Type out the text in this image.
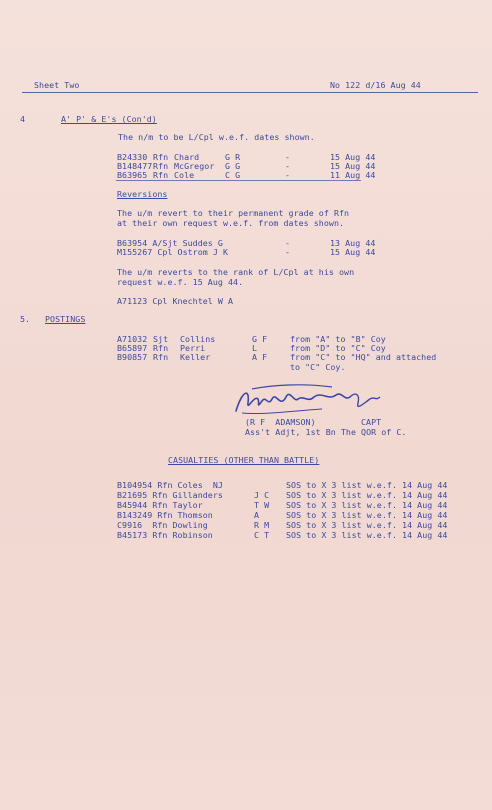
Sheet Two	No 122 d/16 Aug 44
4	A' P' & E's (Con'd)
The n/m to be L/Cpl w.e.f. dates shown.
B24330 Rfn Chard	G R	-	15 Aug 44
B148477 Rfn McGregor G G	-	15 Aug 44
B63965 Rfn Cole	C G	-	11 Aug 44
Reversions
The u/m revert to their permanent grade of Rfn
at their own request w.e.f. from dates shown.
B63954 A/Sjt Suddes G	-	13 Aug 44
M155267 Cpl Ostrom J K	-	15 Aug 44
The u/m reverts to the rank of L/Cpl at his own
request w.e.f. 15 Aug 44.
A71123 Cpl Knechtel W A
5. POSTINGS
A71032 Sjt Collins	G F	from "A" to "B" Coy
B65897 Rfn Perri	L	from "D" to "C" Coy
B90857 Rfn Keller	A F	from "C" to "HQ" and attached
to "C" Coy.
(R F  ADAMSON)	CAPT
Ass't Adjt, 1st Bn The QOR of C.
CASUALTIES (OTHER THAN BATTLE)
B104954 Rfn Coles  NJ	SOS to X 3 list w.e.f. 14 Aug 44
B21695 Rfn Gillanders	J C SOS to X 3 list w.e.f. 14 Aug 44
B45944 Rfn Taylor	T W SOS to X 3 list w.e.f. 14 Aug 44
B143249 Rfn Thomson	A	SOS to X 3 list w.e.f. 14 Aug 44
C9916  Rfn Dowling	R M SOS to X 3 list w.e.f. 14 Aug 44
B45173 Rfn Robinson	C T SOS to X 3 list w.e.f. 14 Aug 44
